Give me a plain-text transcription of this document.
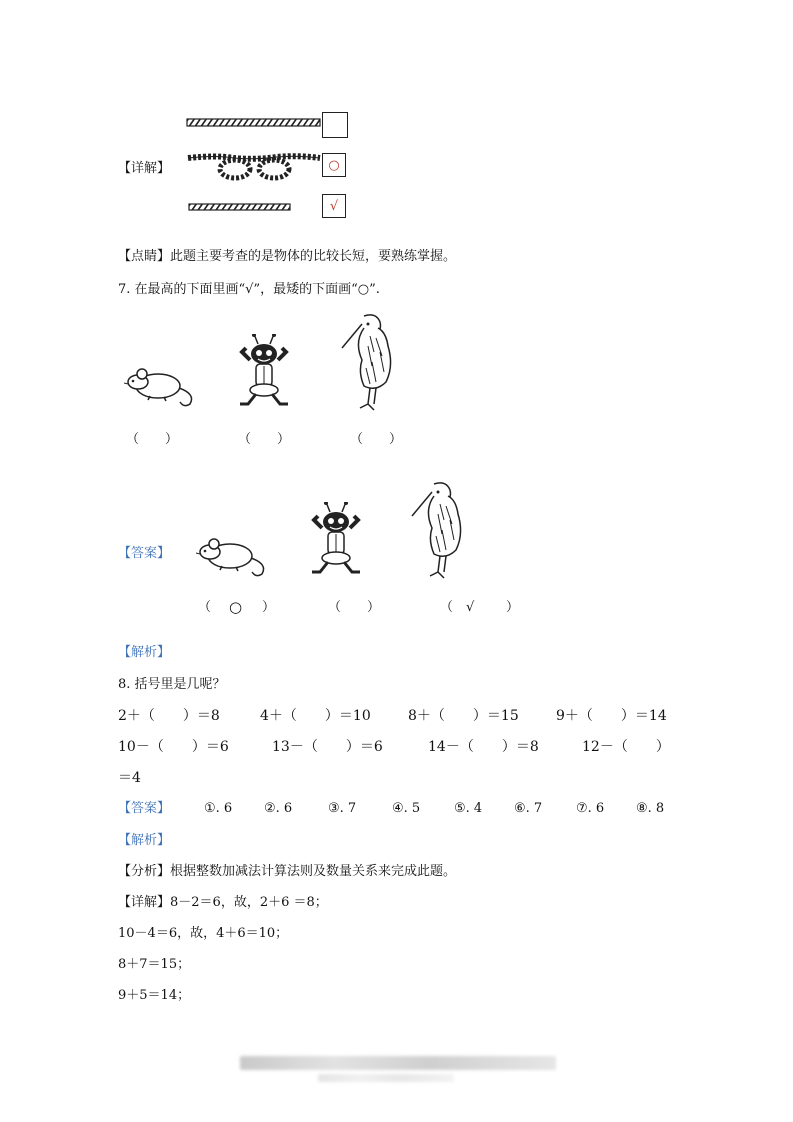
○
√
【详解】
【点睛】此题主要考查的是物体的比较长短，要熟练掌握。
7. 在最高的下面里画“√”，最矮的下面画“○”.
（　　）	（　　）	（　　）
【答案】
（ ○ ）	（　　）	（ √ ）
【解析】
8. 括号里是几呢？
2＋（　　）＝8	4＋（　　）＝10	8＋（　　）＝15	9＋（　　）＝14
10－（　　）＝6	13－（　　）＝6	14－（　　）＝8	12－（　　）
＝4
【答案】	①. 6 ②. 6	③. 7	④. 5	⑤. 4 ⑥. 7	⑦. 6 ⑧. 8
【解析】
【分析】根据整数加减法计算法则及数量关系来完成此题。
【详解】8－2＝6，故，2＋6 ＝8；
10－4＝6，故，4＋6＝10；
8＋7＝15；
9＋5＝14；
